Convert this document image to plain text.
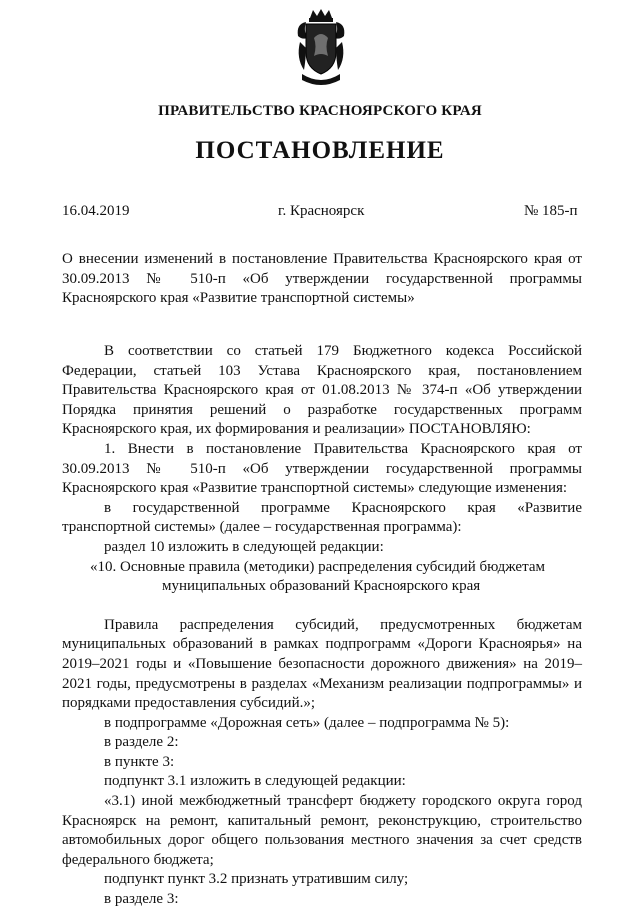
ПРАВИТЕЛЬСТВО КРАСНОЯРСКОГО КРАЯ
ПОСТАНОВЛЕНИЕ
16.04.2019	г. Красноярск	№ 185-п
О внесении изменений в постановление Правительства Красноярского края от 30.09.2013 № 510-п «Об утверждении государственной программы Красноярского края «Развитие транспортной системы»

В соответствии со статьей 179 Бюджетного кодекса Российской Федерации, статьей 103 Устава Красноярского края, постановлением Правительства Красноярского края от 01.08.2013 № 374-п «Об утверждении Порядка принятия решений о разработке государственных программ Красноярского края, их формирования и реализации» ПОСТАНОВЛЯЮ:

1. Внести в постановление Правительства Красноярского края от 30.09.2013 № 510-п «Об утверждении государственной программы Красноярского края «Развитие транспортной системы» следующие изменения:

в государственной программе Красноярского края «Развитие транспортной системы» (далее – государственная программа):

раздел 10 изложить в следующей редакции:

«10. Основные правила (методики) распределения субсидий бюджетам
муниципальных образований Красноярского края

Правила распределения субсидий, предусмотренных бюджетам муниципальных образований в рамках подпрограмм «Дороги Красноярья» на 2019–2021 годы и «Повышение безопасности дорожного движения» на 2019–2021 годы, предусмотрены в разделах «Механизм реализации подпрограммы» и порядками предоставления субсидий.»;

в подпрограмме «Дорожная сеть» (далее – подпрограмма № 5):

в разделе 2:

в пункте 3:

подпункт 3.1 изложить в следующей редакции:

«3.1) иной межбюджетный трансферт бюджету городского округа город Красноярск на ремонт, капитальный ремонт, реконструкцию, строительство автомобильных дорог общего пользования местного значения за счет средств федерального бюджета;

подпункт пункт 3.2 признать утратившим силу;

в разделе 3:
